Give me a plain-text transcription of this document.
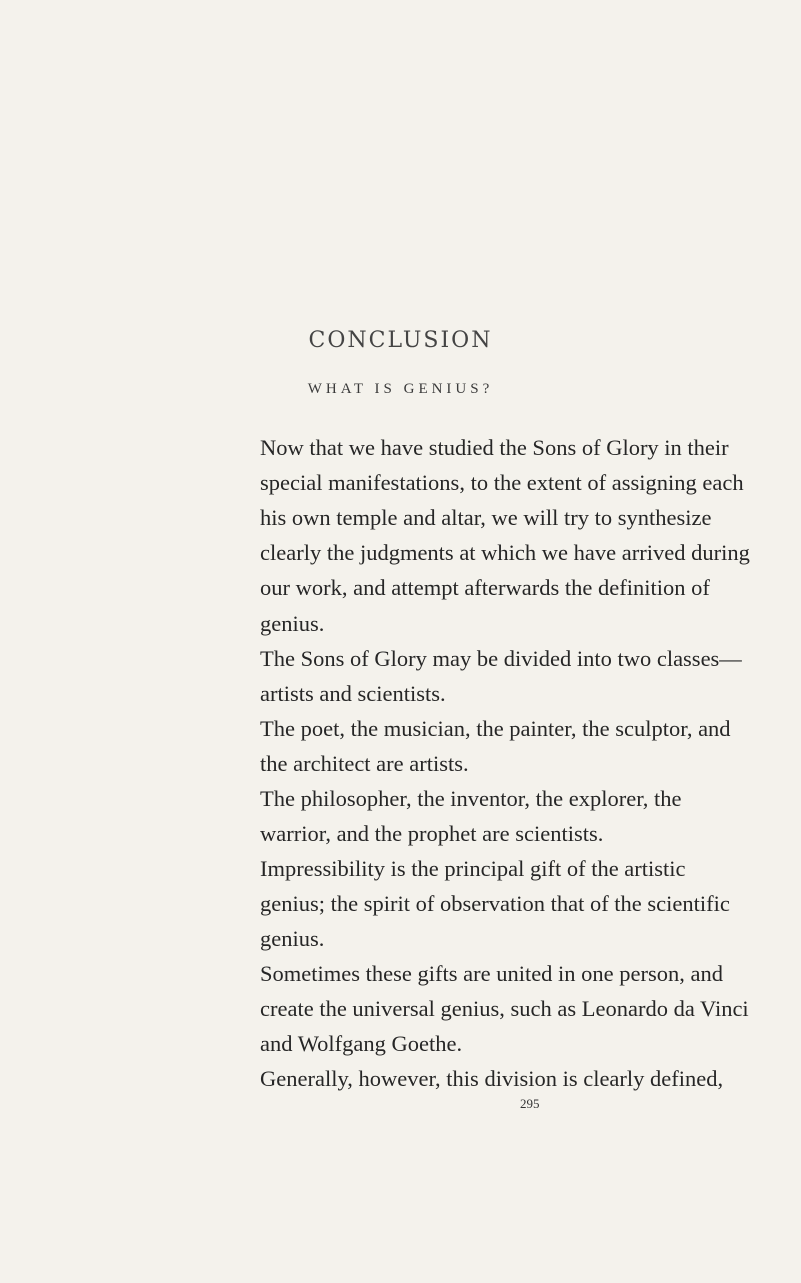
CONCLUSION
WHAT IS GENIUS?
Now that we have studied the Sons of Glory in their
special manifestations, to the extent of assigning each
his own temple and altar, we will try to synthesize
clearly the judgments at which we have arrived during
our work, and attempt afterwards the definition of
genius.
The Sons of Glory may be divided into two classes—
artists and scientists.
The poet, the musician, the painter, the sculptor, and
the architect are artists.
The philosopher, the inventor, the explorer, the
warrior, and the prophet are scientists.
Impressibility is the principal gift of the artistic
genius; the spirit of observation that of the scientific
genius.
Sometimes these gifts are united in one person, and
create the universal genius, such as Leonardo da Vinci
and Wolfgang Goethe.
Generally, however, this division is clearly defined,
295
